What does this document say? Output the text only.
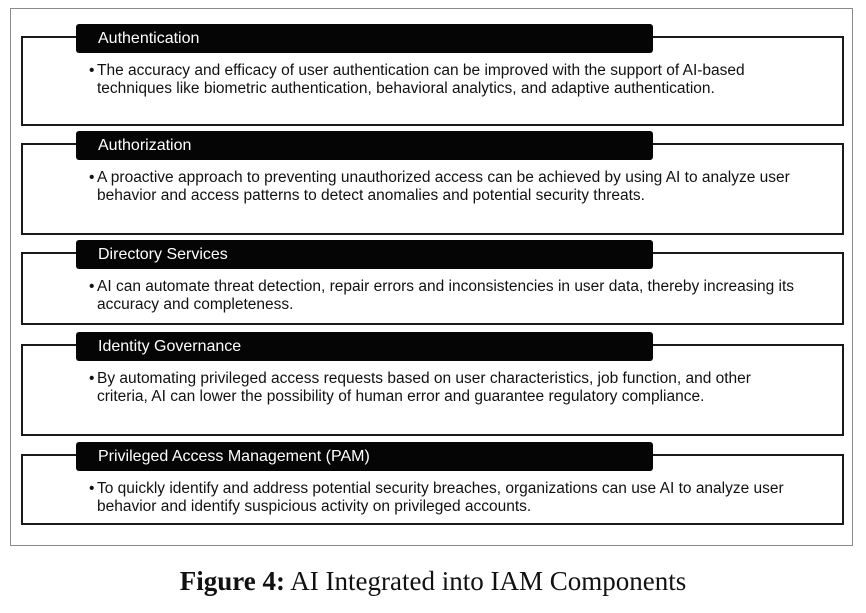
Authentication
• The accuracy and efficacy of user authentication can be improved with the support of AI-based techniques like biometric authentication, behavioral analytics, and adaptive authentication.
Authorization
• A proactive approach to preventing unauthorized access can be achieved by using AI to analyze user behavior and access patterns to detect anomalies and potential security threats.
Directory Services
• AI can automate threat detection, repair errors and inconsistencies in user data, thereby increasing its accuracy and completeness.
Identity Governance
• By automating privileged access requests based on user characteristics, job function, and other criteria, AI can lower the possibility of human error and guarantee regulatory compliance.
Privileged Access Management (PAM)
• To quickly identify and address potential security breaches, organizations can use AI to analyze user behavior and identify suspicious activity on privileged accounts.
Figure 4: AI Integrated into IAM Components
